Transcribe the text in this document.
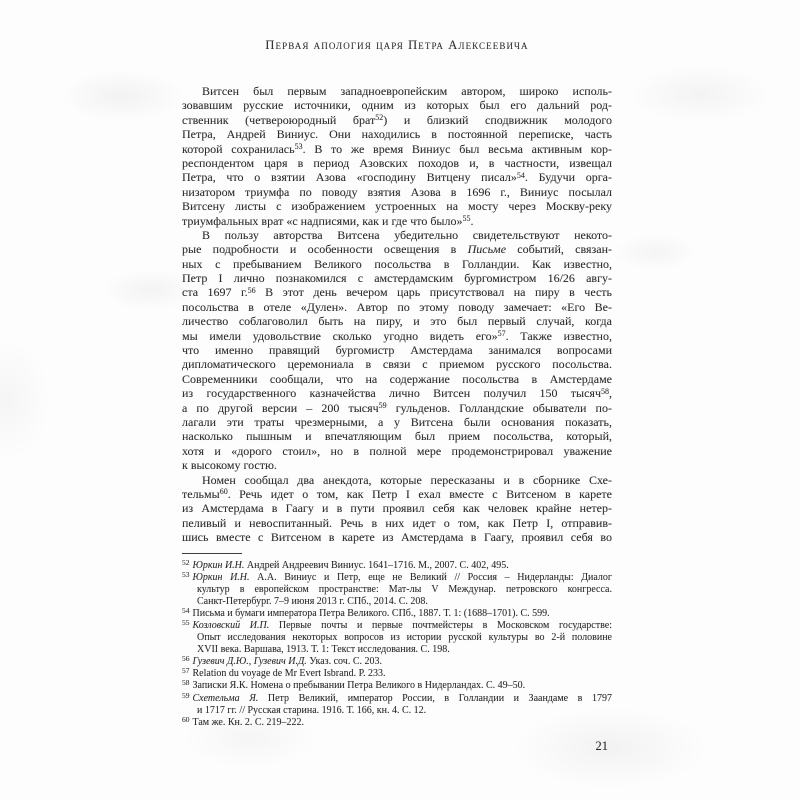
Первая апология царя Петра Алексеевича
Витсен был первым западноевропейским автором, широко исполь-
зовавшим русские источники, одним из которых был его дальний род-
ственник (четвероюродный брат$^{52}$) и близкий сподвижник молодого
Петра, Андрей Виниус. Они находились в постоянной переписке, часть
которой сохранилась$^{53}$. В то же время Виниус был весьма активным кор-
респондентом царя в период Азовских походов и, в частности, извещал
Петра, что о взятии Азова «господину Витцену писал»$^{54}$. Будучи орга-
низатором триумфа по поводу взятия Азова в 1696 г., Виниус посылал
Витсену листы с изображением устроенных на мосту через Москву-реку
триумфальных врат «с надписями, как и где что было»$^{55}$.
В пользу авторства Витсена убедительно свидетельствуют некото-
рые подробности и особенности освещения в Письме событий, связан-
ных с пребыванием Великого посольства в Голландии. Как известно,
Петр I лично познакомился с амстердамским бургомистром 16/26 авгу-
ста 1697 г.$^{56}$ В этот день вечером царь присутствовал на пиру в честь
посольства в отеле «Дулен». Автор по этому поводу замечает: «Его Ве-
личество соблаговолил быть на пиру, и это был первый случай, когда
мы имели удовольствие сколько угодно видеть его»$^{57}$. Также известно,
что именно правящий бургомистр Амстердама занимался вопросами
дипломатического церемониала в связи с приемом русского посольства.
Современники сообщали, что на содержание посольства в Амстердаме
из государственного казначейства лично Витсен получил 150 тысяч$^{58}$,
а по другой версии – 200 тысяч$^{59}$ гульденов. Голландские обыватели по-
лагали эти траты чрезмерными, а у Витсена были основания показать,
насколько пышным и впечатляющим был прием посольства, который,
хотя и «дорого стоил», но в полной мере продемонстрировал уважение
к высокому гостю.
Номен сообщал два анекдота, которые пересказаны и в сборнике Схе-
тельмы$^{60}$. Речь идет о том, как Петр I ехал вместе с Витсеном в карете
из Амстердама в Гаагу и в пути проявил себя как человек крайне нетер-
пеливый и невоспитанный. Речь в них идет о том, как Петр I, отправив-
шись вместе с Витсеном в карете из Амстердама в Гаагу, проявил себя во
$^{52}$ Юркин И.Н. Андрей Андреевич Виниус. 1641–1716. М., 2007. С. 402, 495.
$^{53}$ Юркин И.Н. А.А. Виниус и Петр, еще не Великий // Россия – Нидерланды: Диалог
культур в европейском пространстве: Мат-лы V Междунар. петровского конгресса.
Санкт-Петербург. 7–9 июня 2013 г. СПб., 2014. С. 208.
$^{54}$ Письма и бумаги императора Петра Великого. СПб., 1887. Т. 1: (1688–1701). С. 599.
$^{55}$ Козловский И.П. Первые почты и первые почтмейстеры в Московском государстве:
Опыт исследования некоторых вопросов из истории русской культуры во 2-й половине
XVII века. Варшава, 1913. Т. 1: Текст исследования. С. 198.
$^{56}$ Гузевич Д.Ю., Гузевич И.Д. Указ. соч. С. 203.
$^{57}$ Relation du voyage de Mr Evert Isbrand. P. 233.
$^{58}$ Записки Я.К. Номена о пребывании Петра Великого в Нидерландах. С. 49–50.
$^{59}$ Схетельма Я. Петр Великий, император России, в Голландии и Заандаме в 1797
и 1717 гг. // Русская старина. 1916. Т. 166, кн. 4. С. 12.
$^{60}$ Там же. Кн. 2. С. 219–222.
21
